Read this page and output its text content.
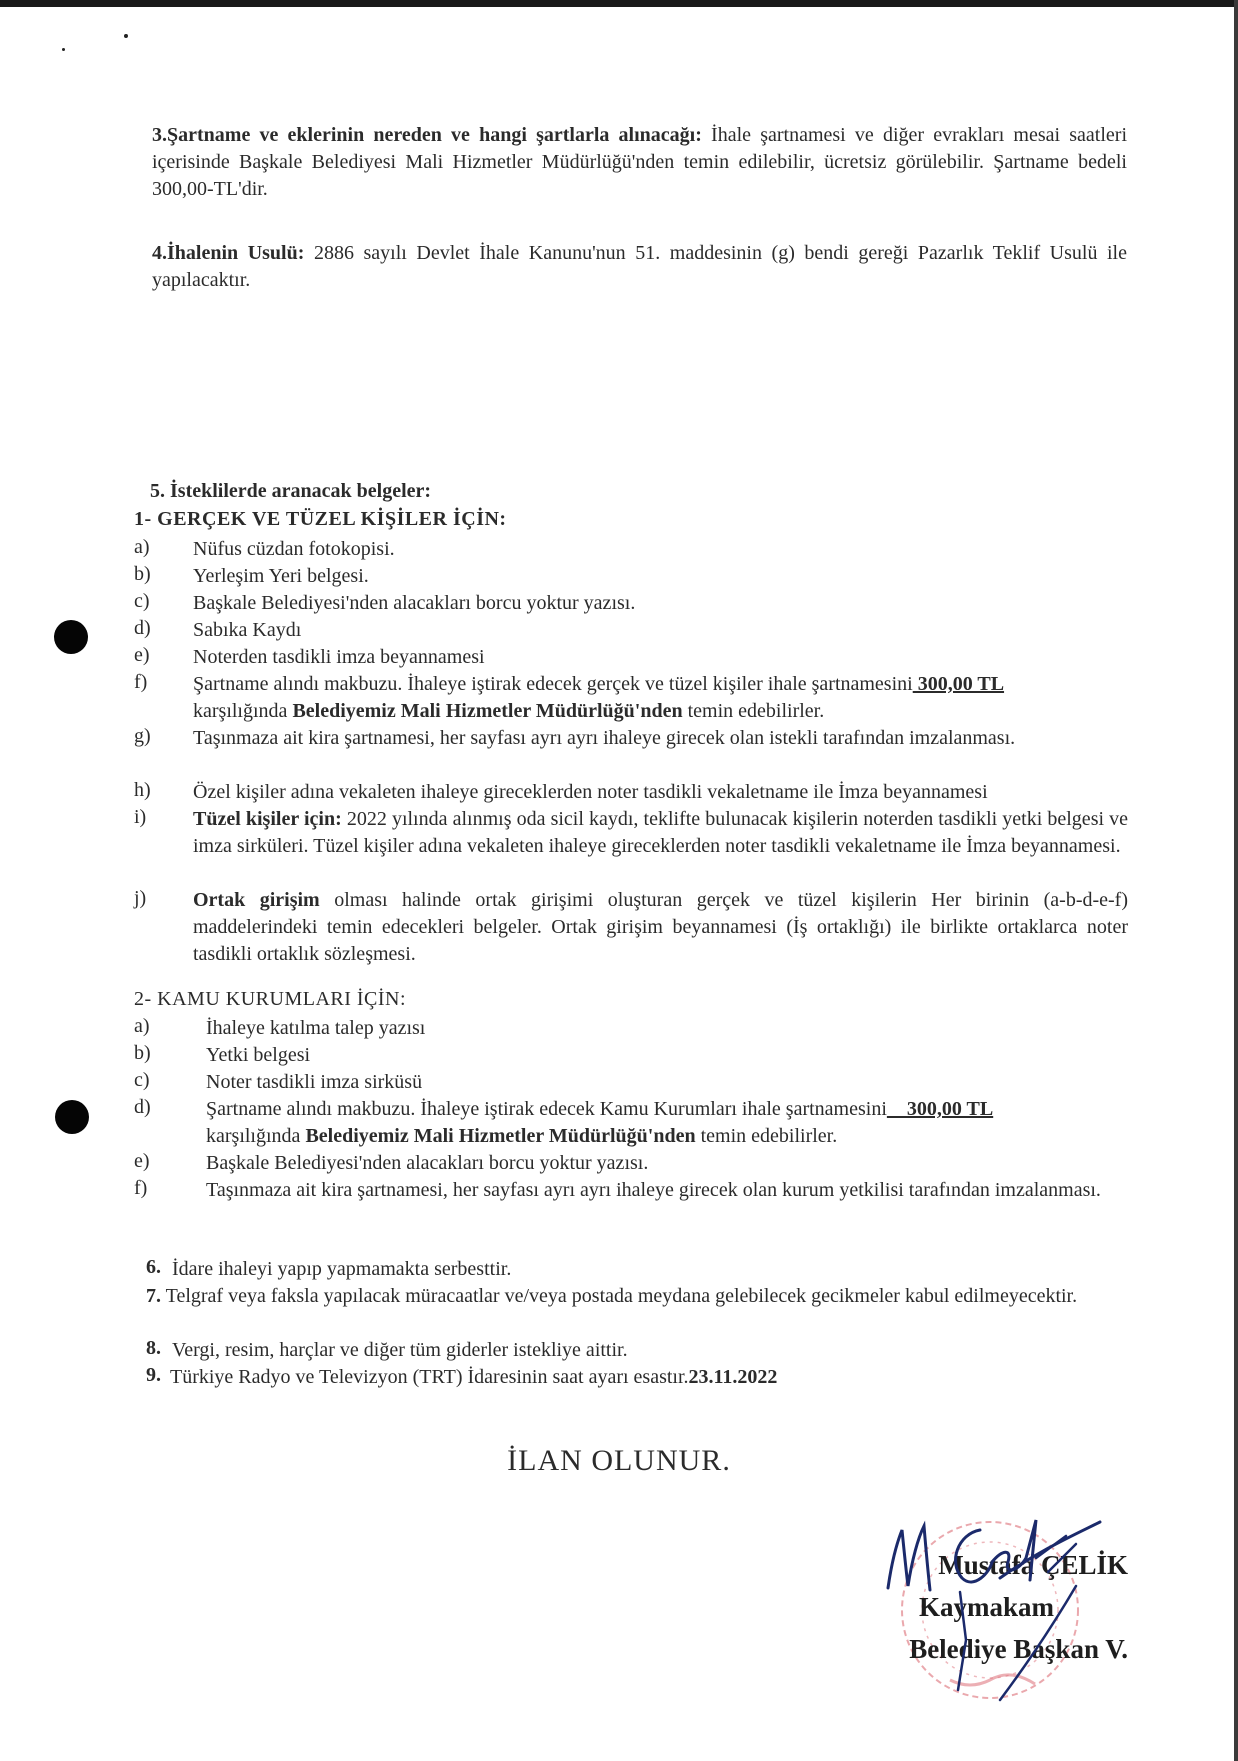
3.Şartname ve eklerinin nereden ve hangi şartlarla alınacağı: İhale şartnamesi ve diğer evrakları mesai saatleri içerisinde Başkale Belediyesi Mali Hizmetler Müdürlüğü'nden temin edilebilir, ücretsiz görülebilir. Şartname bedeli 300,00-TL'dir.

4.İhalenin Usulü: 2886 sayılı Devlet İhale Kanunu'nun 51. maddesinin (g) bendi gereği Pazarlık Teklif Usulü ile yapılacaktır.

5. İsteklilerde aranacak belgeler:
1- GERÇEK VE TÜZEL KİŞİLER İÇİN:
a) Nüfus cüzdan fotokopisi.
b) Yerleşim Yeri belgesi.
c) Başkale Belediyesi'nden alacakları borcu yoktur yazısı.
d) Sabıka Kaydı
e) Noterden tasdikli imza beyannamesi
f) Şartname alındı makbuzu. İhaleye iştirak edecek gerçek ve tüzel kişiler ihale şartnamesini 300,00 TL
karşılığında Belediyemiz Mali Hizmetler Müdürlüğü'nden temin edebilirler.
g) Taşınmaza ait kira şartnamesi, her sayfası ayrı ayrı ihaleye girecek olan istekli tarafından imzalanması.
h) Özel kişiler adına vekaleten ihaleye gireceklerden noter tasdikli vekaletname ile İmza beyannamesi
i) Tüzel kişiler için: 2022 yılında alınmış oda sicil kaydı, teklifte bulunacak kişilerin noterden tasdikli yetki belgesi ve imza sirküleri. Tüzel kişiler adına vekaleten ihaleye gireceklerden noter tasdikli vekaletname ile İmza beyannamesi.
j) Ortak girişim olması halinde ortak girişimi oluşturan gerçek ve tüzel kişilerin Her birinin (a-b-d-e-f) maddelerindeki temin edecekleri belgeler. Ortak girişim beyannamesi (İş ortaklığı) ile birlikte ortaklarca noter tasdikli ortaklık sözleşmesi.
2- KAMU KURUMLARI İÇİN:
a)	İhaleye katılma talep yazısı
b)	Yetki belgesi
c)	Noter tasdikli imza sirküsü
d)	Şartname alındı makbuzu. İhaleye iştirak edecek Kamu Kurumları ihale şartnamesini    300,00 TL
karşılığında Belediyemiz Mali Hizmetler Müdürlüğü'nden temin edebilirler.
e)	Başkale Belediyesi'nden alacakları borcu yoktur yazısı.
f)	Taşınmaza ait kira şartnamesi, her sayfası ayrı ayrı ihaleye girecek olan kurum yetkilisi tarafından imzalanması.
6. İdare ihaleyi yapıp yapmamakta serbesttir.
7. Telgraf veya faksla yapılacak müracaatlar ve/veya postada meydana gelebilecek gecikmeler kabul edilmeyecektir.
8. Vergi, resim, harçlar ve diğer tüm giderler istekliye aittir.
9. Türkiye Radyo ve Televizyon (TRT) İdaresinin saat ayarı esastır.23.11.2022
İLAN OLUNUR.
Mustafa ÇELİK
Kaymakam
Belediye Başkan V.
